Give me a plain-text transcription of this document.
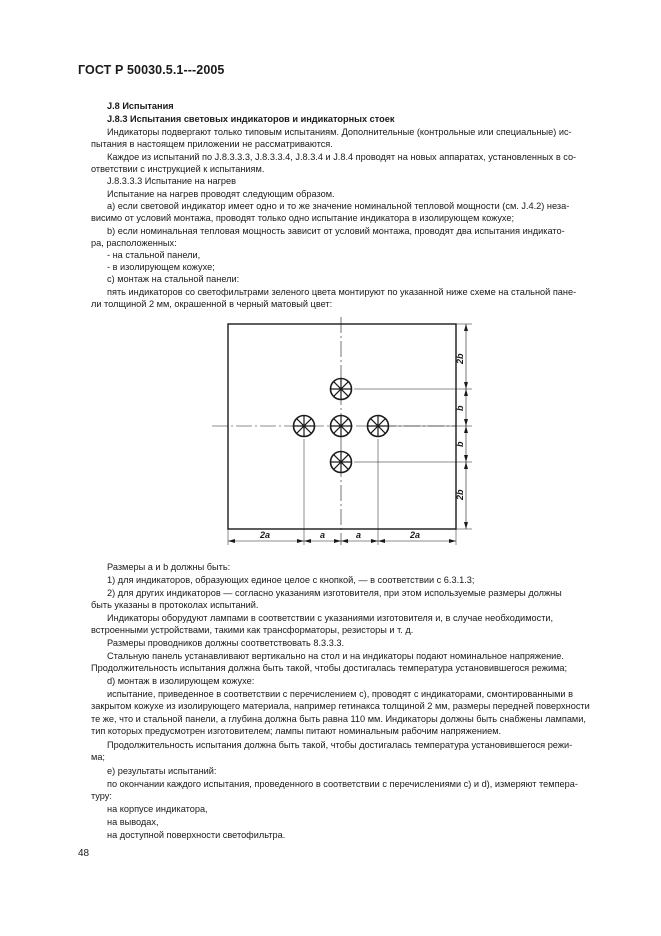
ГОСТ Р 50030.5.1---2005
J.8 Испытания
J.8.3 Испытания световых индикаторов и индикаторных стоек
Индикаторы подвергают только типовым испытаниям. Дополнительные (контрольные или специальные) ис-
пытания в настоящем приложении не рассматриваются.
Каждое из испытаний по J.8.3.3.3, J.8.3.3.4, J.8.3.4 и J.8.4 проводят на новых аппаратах, установленных в со-
ответствии с инструкцией к испытаниям.
J.8.3.3.3 Испытание на нагрев
Испытание на нагрев проводят следующим образом.
a) если световой индикатор имеет одно и то же значение номинальной тепловой мощности (см. J.4.2) неза-
висимо от условий монтажа, проводят только одно испытание индикатора в изолирующем кожухе;
b) если номинальная тепловая мощность зависит от условий монтажа, проводят два испытания индикато-
ра, расположенных:
- на стальной панели,
- в изолирующем кожухе;
c) монтаж на стальной панели:
пять индикаторов со светофильтрами зеленого цвета монтируют по указанной ниже схеме на стальной пане-
ли толщиной 2 мм, окрашенной в черный матовый цвет:
2a	a	a	2a
2b
b
b
2b
Размеры a и b должны быть:
1) для индикаторов, образующих единое целое с кнопкой, — в соответствии с 6.3.1.3;
2) для других индикаторов — согласно указаниям изготовителя, при этом используемые размеры должны
быть указаны в протоколах испытаний.
Индикаторы оборудуют лампами в соответствии с указаниями изготовителя и, в случае необходимости,
встроенными устройствами, такими как трансформаторы, резисторы и т. д.
Размеры проводников должны соответствовать 8.3.3.3.
Стальную панель устанавливают вертикально на стол и на индикаторы подают номинальное напряжение.
Продолжительность испытания должна быть такой, чтобы достигалась температура установившегося режима;
d) монтаж в изолирующем кожухе:
испытание, приведенное в соответствии с перечислением с), проводят с индикаторами, смонтированными в
закрытом кожухе из изолирующего материала, например гетинакса толщиной 2 мм, размеры передней поверхности
те же, что и стальной панели, а глубина должна быть равна 110 мм. Индикаторы должны быть снабжены лампами,
тип которых предусмотрен изготовителем; лампы питают номинальным рабочим напряжением.
Продолжительность испытания должна быть такой, чтобы достигалась температура установившегося режи-
ма;
e) результаты испытаний:
по окончании каждого испытания, проведенного в соответствии с перечислениями с) и d), измеряют темпера-
туру:
на корпусе индикатора,
на выводах,
на доступной поверхности светофильтра.
48
